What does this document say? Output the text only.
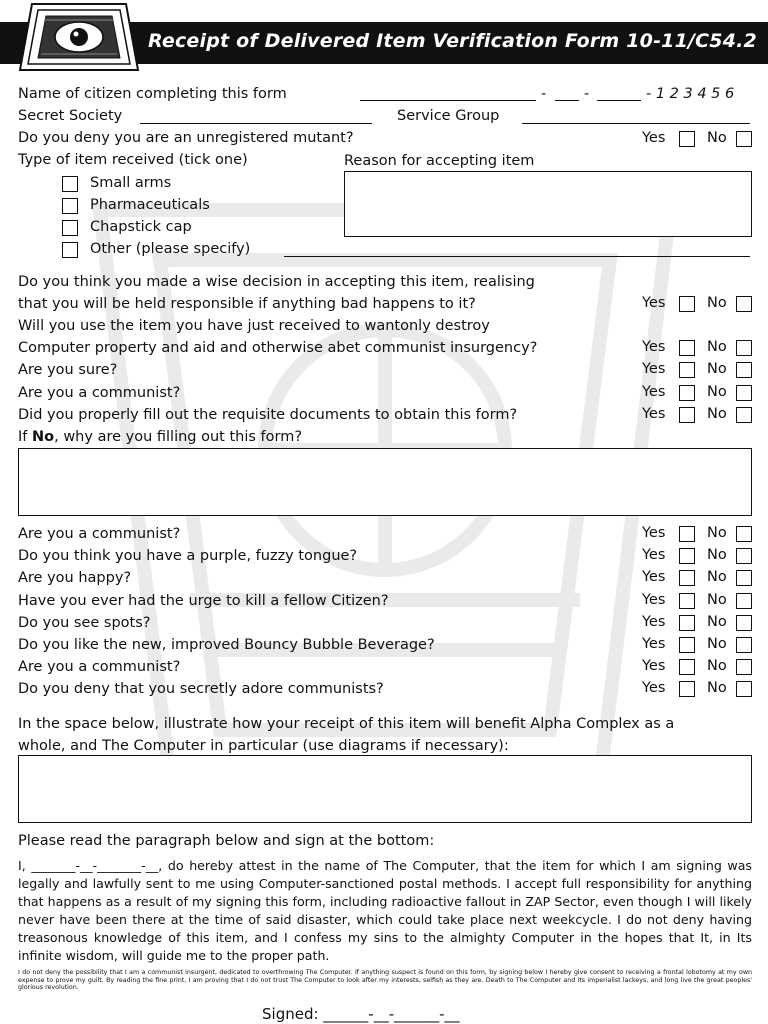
Receipt of Delivered Item Verification Form 10-11/C54.2
Name of citizen completing this form	-	-	- 1 2 3 4 5 6
Secret Society	Service Group
Do you deny you are an unregistered mutant?	Yes	No
Type of item received (tick one)	Reason for accepting item
Small arms
Pharmaceuticals
Chapstick cap
Other (please specify)
Do you think you made a wise decision in accepting this item, realising
that you will be held responsible if anything bad happens to it?	Yes	No
Will you use the item you have just received to wantonly destroy
Computer property and aid and otherwise abet communist insurgency?	Yes	No
Are you sure?	Yes	No
Are you a communist?	Yes	No
Did you properly fill out the requisite documents to obtain this form?	Yes	No
If No, why are you filling out this form?
Are you a communist?	Yes	No
Do you think you have a purple, fuzzy tongue?	Yes	No
Are you happy?	Yes	No
Have you ever had the urge to kill a fellow Citizen?	Yes	No
Do you see spots?	Yes	No
Do you like the new, improved Bouncy Bubble Beverage?	Yes	No
Are you a communist?	Yes	No
Do you deny that you secretly adore communists?	Yes	No
In the space below, illustrate how your receipt of this item will benefit Alpha Complex as a
whole, and The Computer in particular (use diagrams if necessary):
Please read the paragraph below and sign at the bottom:
I, _______-__-_______-__, do hereby attest in the name of The Computer, that the item for which I am signing was legally and lawfully sent to me using Computer-sanctioned postal methods. I accept full responsibility for anything that happens as a result of my signing this form, including radioactive fallout in ZAP Sector, even though I will likely never have been there at the time of said disaster, which could take place next weekcycle. I do not deny having treasonous knowledge of this item, and I confess my sins to the almighty Computer in the hopes that It, in Its infinite wisdom, will guide me to the proper path.
I do not deny the possibility that I am a communist insurgent, dedicated to overthrowing The Computer. If anything suspect is found on this form, by signing below I hereby give consent to receiving a frontal lobotomy at my own expense to prove my guilt. By reading the fine print, I am proving that I do not trust The Computer to look after my interests, selfish as they are. Death to The Computer and its imperialist lackeys, and long live the great peoples' glorious revolution.
Signed: ______-__-______-__
